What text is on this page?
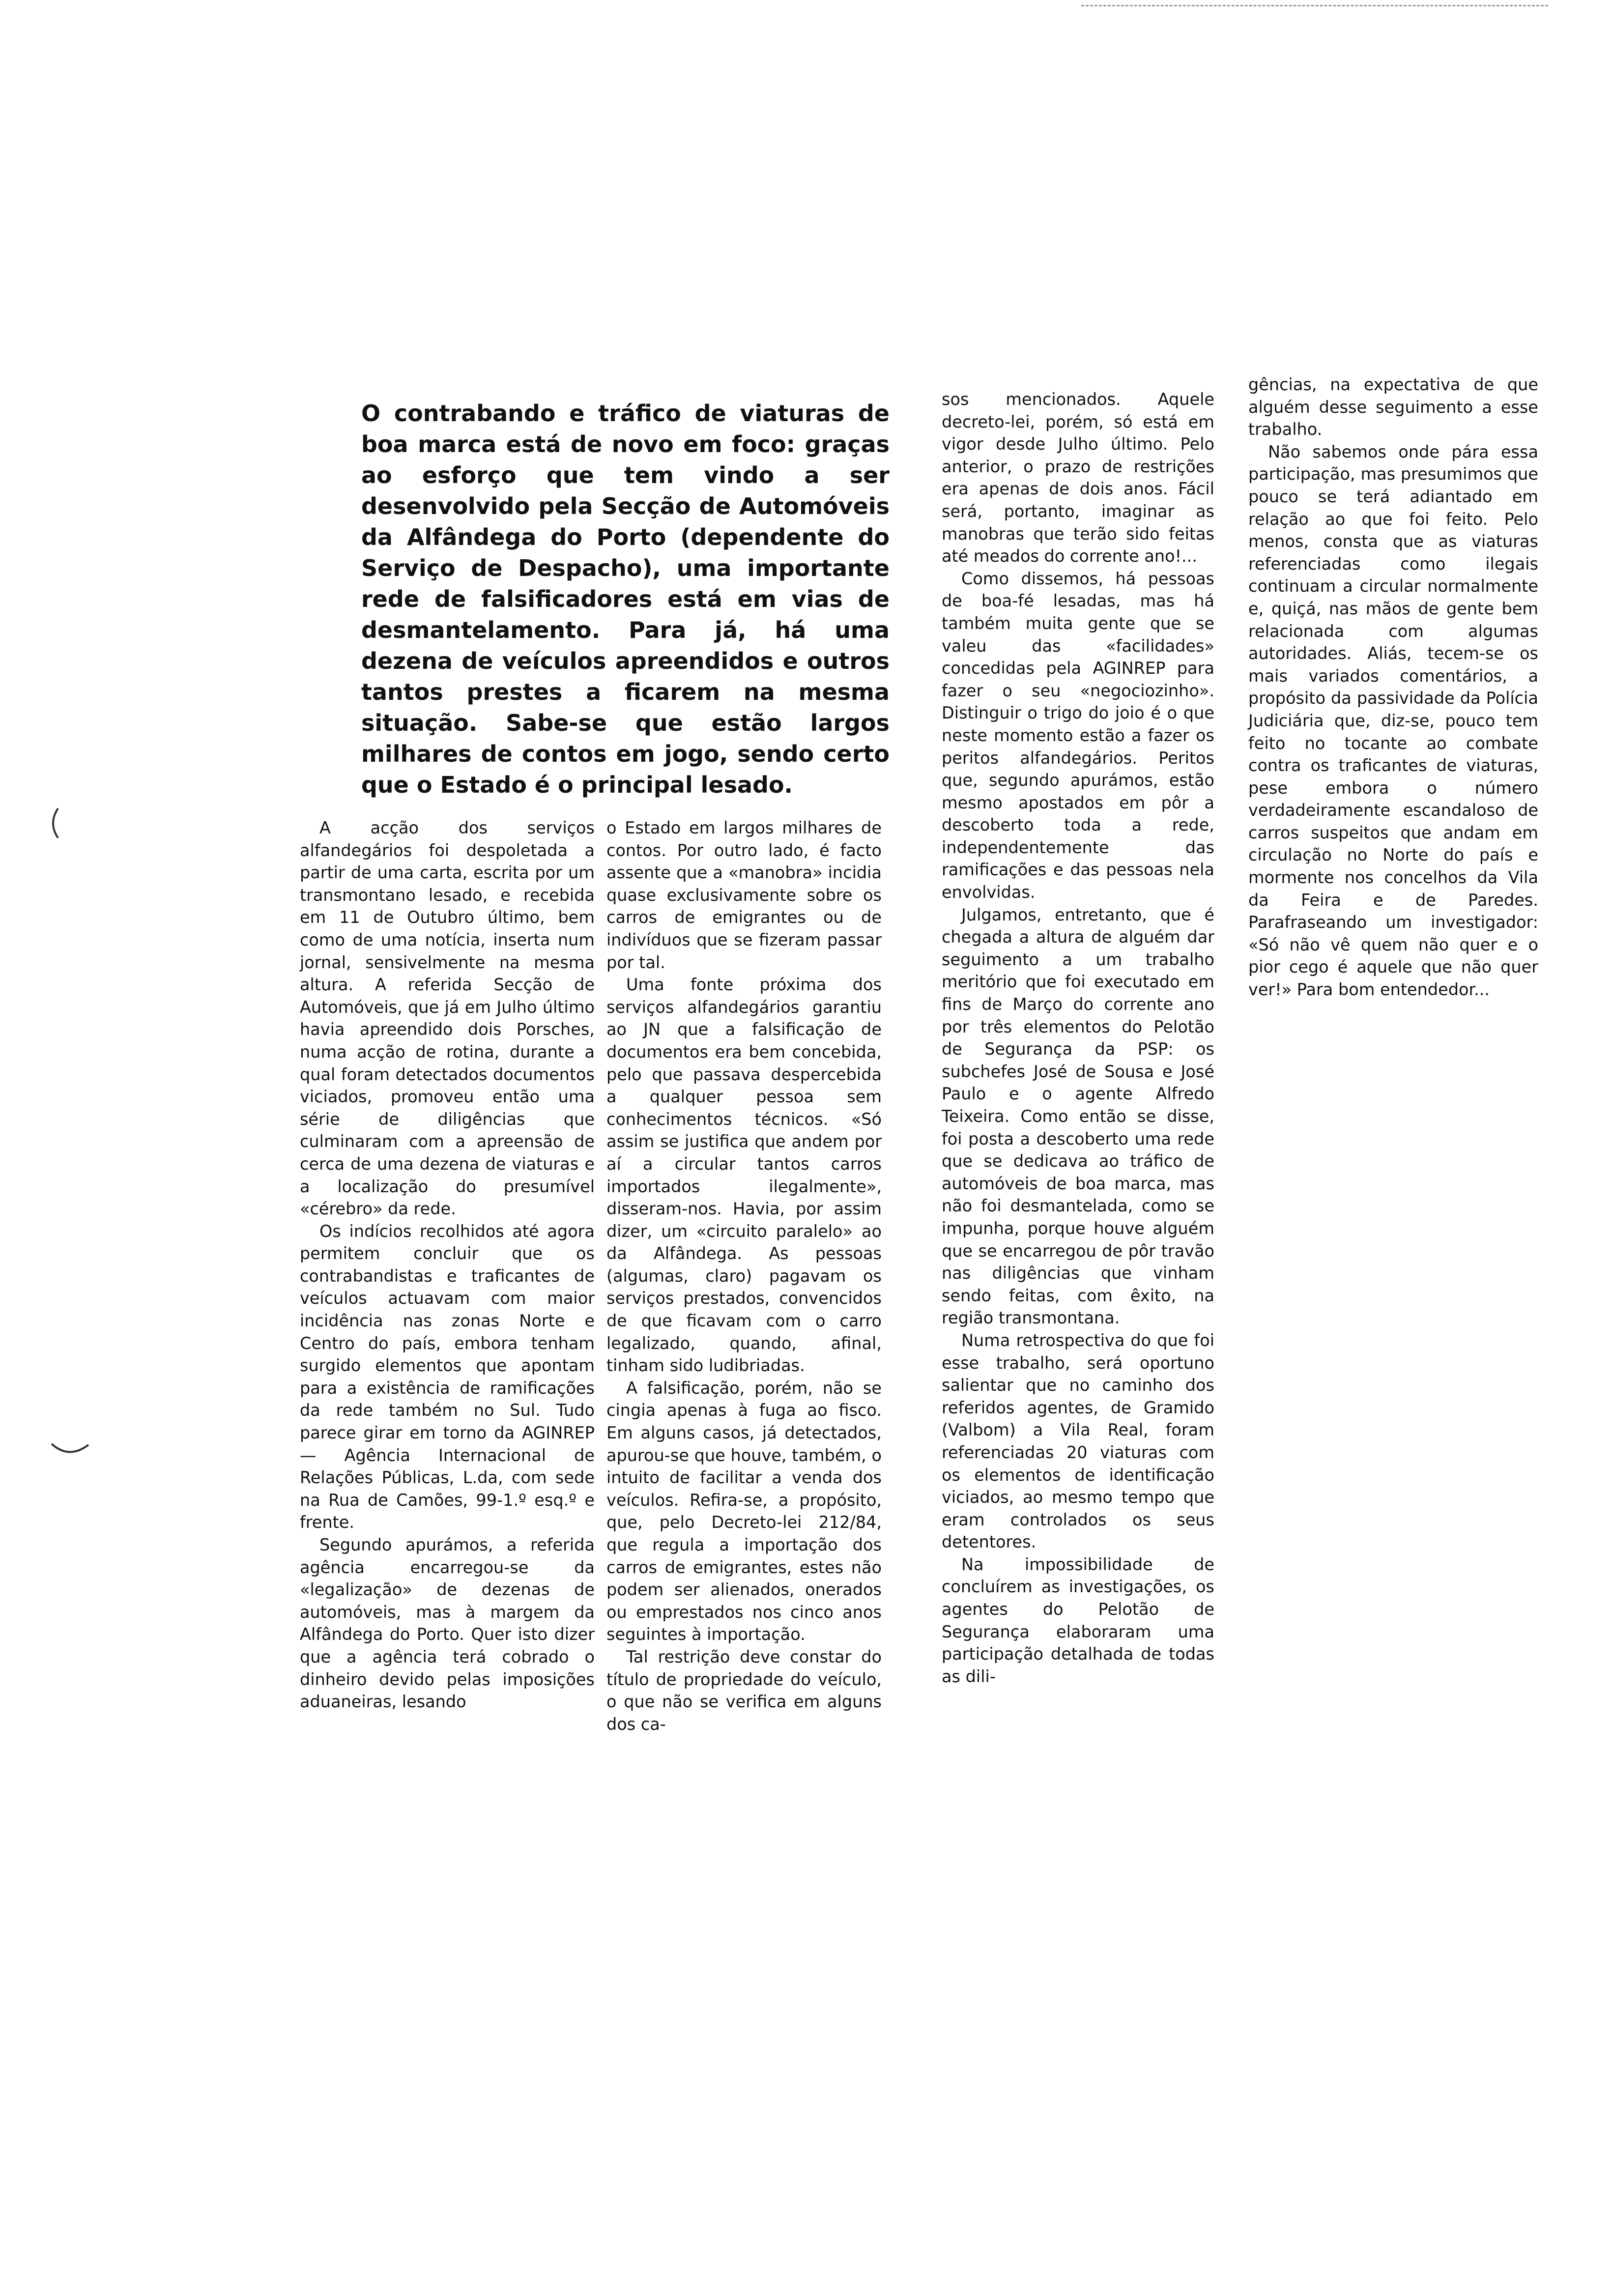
O contrabando e tráfico de viaturas de boa marca está de novo em foco: graças ao esforço que tem vindo a ser desenvolvido pela Secção de Automóveis da Alfândega do Porto (dependente do Serviço de Despacho), uma importante rede de falsificadores está em vias de desmantelamento. Para já, há uma dezena de veículos apreendidos e outros tantos prestes a ficarem na mesma situação. Sabe-se que estão largos milhares de contos em jogo, sendo certo que o Estado é o principal lesado.

A acção dos serviços alfandegários foi despoletada a partir de uma carta, escrita por um transmontano lesado, e recebida em 11 de Outubro último, bem como de uma notícia, inserta num jornal, sensivelmente na mesma altura. A referida Secção de Automóveis, que já em Julho último havia apreendido dois Porsches, numa acção de rotina, durante a qual foram detectados documentos viciados, promoveu então uma série de diligências que culminaram com a apreensão de cerca de uma dezena de viaturas e a localização do presumível «cérebro» da rede.

Os indícios recolhidos até agora permitem concluir que os contrabandistas e traficantes de veículos actuavam com maior incidência nas zonas Norte e Centro do país, embora tenham surgido elementos que apontam para a existência de ramificações da rede também no Sul. Tudo parece girar em torno da AGINREP — Agência Internacional de Relações Públicas, L.da, com sede na Rua de Camões, 99-1.º esq.º e frente.

Segundo apurámos, a referida agência encarregou-se da «legalização» de dezenas de automóveis, mas à margem da Alfândega do Porto. Quer isto dizer que a agência terá cobrado o dinheiro devido pelas imposições aduaneiras, lesando

o Estado em largos milhares de contos. Por outro lado, é facto assente que a «manobra» incidia quase exclusivamente sobre os carros de emigrantes ou de indivíduos que se fizeram passar por tal.

Uma fonte próxima dos serviços alfandegários garantiu ao JN que a falsificação de documentos era bem concebida, pelo que passava despercebida a qualquer pessoa sem conhecimentos técnicos. «Só assim se justifica que andem por aí a circular tantos carros importados ilegalmente», disseram-nos. Havia, por assim dizer, um «circuito paralelo» ao da Alfândega. As pessoas (algumas, claro) pagavam os serviços prestados, convencidos de que ficavam com o carro legalizado, quando, afinal, tinham sido ludibriadas.

A falsificação, porém, não se cingia apenas à fuga ao fisco. Em alguns casos, já detectados, apurou-se que houve, também, o intuito de facilitar a venda dos veículos. Refira-se, a propósito, que, pelo Decreto-lei 212/84, que regula a importação dos carros de emigrantes, estes não podem ser alienados, onerados ou emprestados nos cinco anos seguintes à importação.

Tal restrição deve constar do título de propriedade do veículo, o que não se verifica em alguns dos ca-

sos mencionados. Aquele decreto-lei, porém, só está em vigor desde Julho último. Pelo anterior, o prazo de restrições era apenas de dois anos. Fácil será, portanto, imaginar as manobras que terão sido feitas até meados do corrente ano!...

Como dissemos, há pessoas de boa-fé lesadas, mas há também muita gente que se valeu das «facilidades» concedidas pela AGINREP para fazer o seu «negociozinho». Distinguir o trigo do joio é o que neste momento estão a fazer os peritos alfandegários. Peritos que, segundo apurámos, estão mesmo apostados em pôr a descoberto toda a rede, independentemente das ramificações e das pessoas nela envolvidas.

Julgamos, entretanto, que é chegada a altura de alguém dar seguimento a um trabalho meritório que foi executado em fins de Março do corrente ano por três elementos do Pelotão de Segurança da PSP: os subchefes José de Sousa e José Paulo e o agente Alfredo Teixeira. Como então se disse, foi posta a descoberto uma rede que se dedicava ao tráfico de automóveis de boa marca, mas não foi desmantelada, como se impunha, porque houve alguém que se encarregou de pôr travão nas diligências que vinham sendo feitas, com êxito, na região transmontana.

Numa retrospectiva do que foi esse trabalho, será oportuno salientar que no caminho dos referidos agentes, de Gramido (Valbom) a Vila Real, foram referenciadas 20 viaturas com os elementos de identificação viciados, ao mesmo tempo que eram controlados os seus detentores.

Na impossibilidade de concluírem as investigações, os agentes do Pelotão de Segurança elaboraram uma participação detalhada de todas as dili-

gências, na expectativa de que alguém desse seguimento a esse trabalho.

Não sabemos onde pára essa participação, mas presumimos que pouco se terá adiantado em relação ao que foi feito. Pelo menos, consta que as viaturas referenciadas como ilegais continuam a circular normalmente e, quiçá, nas mãos de gente bem relacionada com algumas autoridades. Aliás, tecem-se os mais variados comentários, a propósito da passividade da Polícia Judiciária que, diz-se, pouco tem feito no tocante ao combate contra os traficantes de viaturas, pese embora o número verdadeiramente escandaloso de carros suspeitos que andam em circulação no Norte do país e mormente nos concelhos da Vila da Feira e de Paredes. Parafraseando um investigador: «Só não vê quem não quer e o pior cego é aquele que não quer ver!» Para bom entendedor...
